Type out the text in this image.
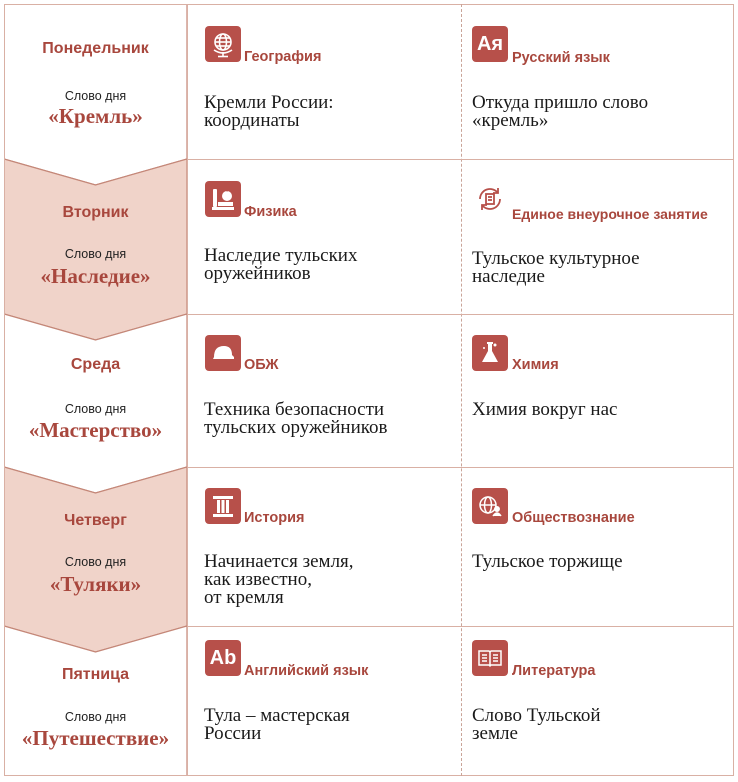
Понедельник
Слово дня
«Кремль»
Вторник
Слово дня
«Наследие»
Среда
Слово дня
«Мастерство»
Четверг
Слово дня
«Туляки»
Пятница
Слово дня
«Путешествие»
География
Кремли России:
координаты
Ая
Русский язык
Откуда пришло слово
«кремль»
Физика
Наследие тульских
оружейников
Единое внеурочное занятие
Тульское культурное
наследие
ОБЖ
Техника безопасности
тульских оружейников
Химия
Химия вокруг нас
История
Начинается земля,
как известно,
от кремля
Обществознание
Тульское торжище
Ab
Английский язык
Тула – мастерская
России
Литература
Слово Тульской
земле
